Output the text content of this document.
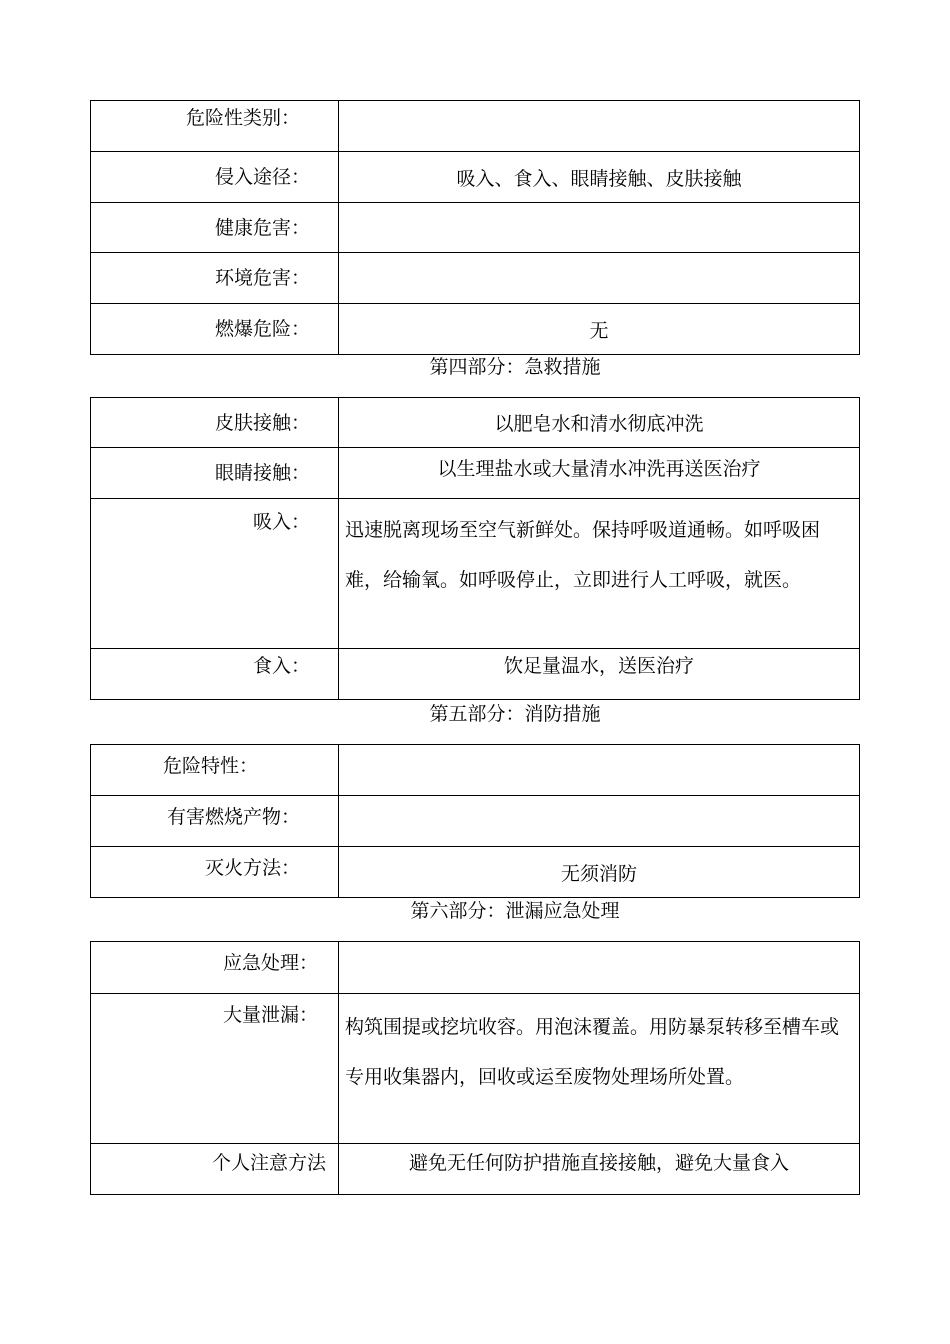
危险性类别：	

侵入途径：	吸入、食入、眼睛接触、皮肤接触

健康危害：	

环境危害：	

燃爆危险：	无
第四部分：急救措施
皮肤接触：	以肥皂水和清水彻底冲洗

眼睛接触：	以生理盐水或大量清水冲洗再送医治疗

吸入：	迅速脱离现场至空气新鲜处。保持呼吸道通畅。如呼吸困难，给输氧。如呼吸停止，立即进行人工呼吸，就医。

食入：	饮足量温水，送医治疗
第五部分：消防措施
危险特性：	

有害燃烧产物：	

灭火方法：	无须消防
第六部分：泄漏应急处理
应急处理：	

大量泄漏：	构筑围提或挖坑收容。用泡沫覆盖。用防暴泵转移至槽车或专用收集器内，回收或运至废物处理场所处置。

个人注意方法	避免无任何防护措施直接接触，避免大量食入
